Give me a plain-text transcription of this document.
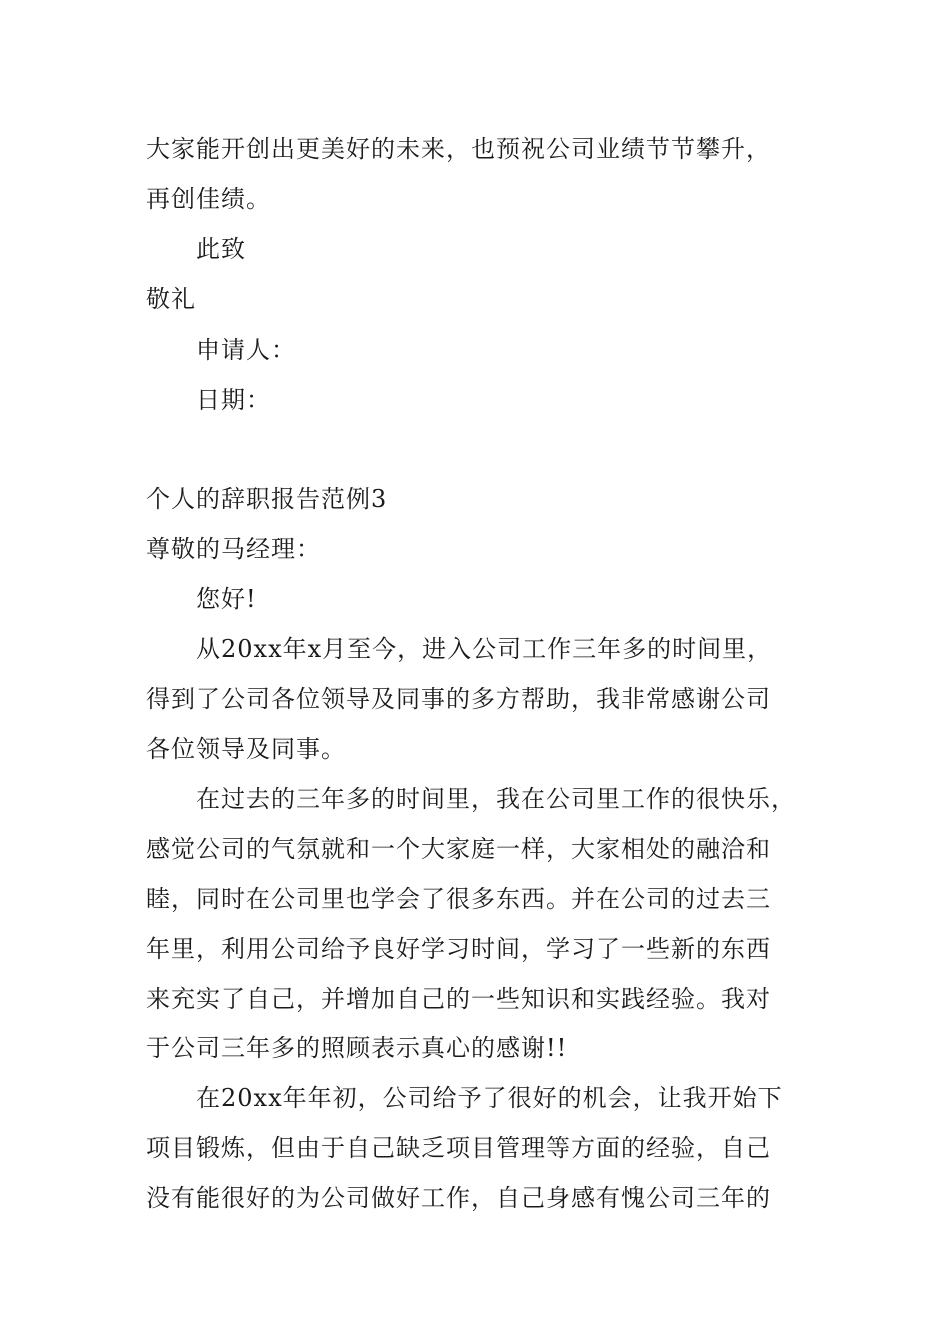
大家能开创出更美好的未来，也预祝公司业绩节节攀升，
再创佳绩。
此致
敬礼
申请人：
日期：
个人的辞职报告范例3
尊敬的马经理：
您好!
从20xx年x月至今，进入公司工作三年多的时间里，
得到了公司各位领导及同事的多方帮助，我非常感谢公司
各位领导及同事。
在过去的三年多的时间里，我在公司里工作的很快乐，
感觉公司的气氛就和一个大家庭一样，大家相处的融洽和
睦，同时在公司里也学会了很多东西。并在公司的过去三
年里，利用公司给予良好学习时间，学习了一些新的东西
来充实了自己，并增加自己的一些知识和实践经验。我对
于公司三年多的照顾表示真心的感谢!!
在20xx年年初，公司给予了很好的机会，让我开始下
项目锻炼，但由于自己缺乏项目管理等方面的经验，自己
没有能很好的为公司做好工作，自己身感有愧公司三年的
